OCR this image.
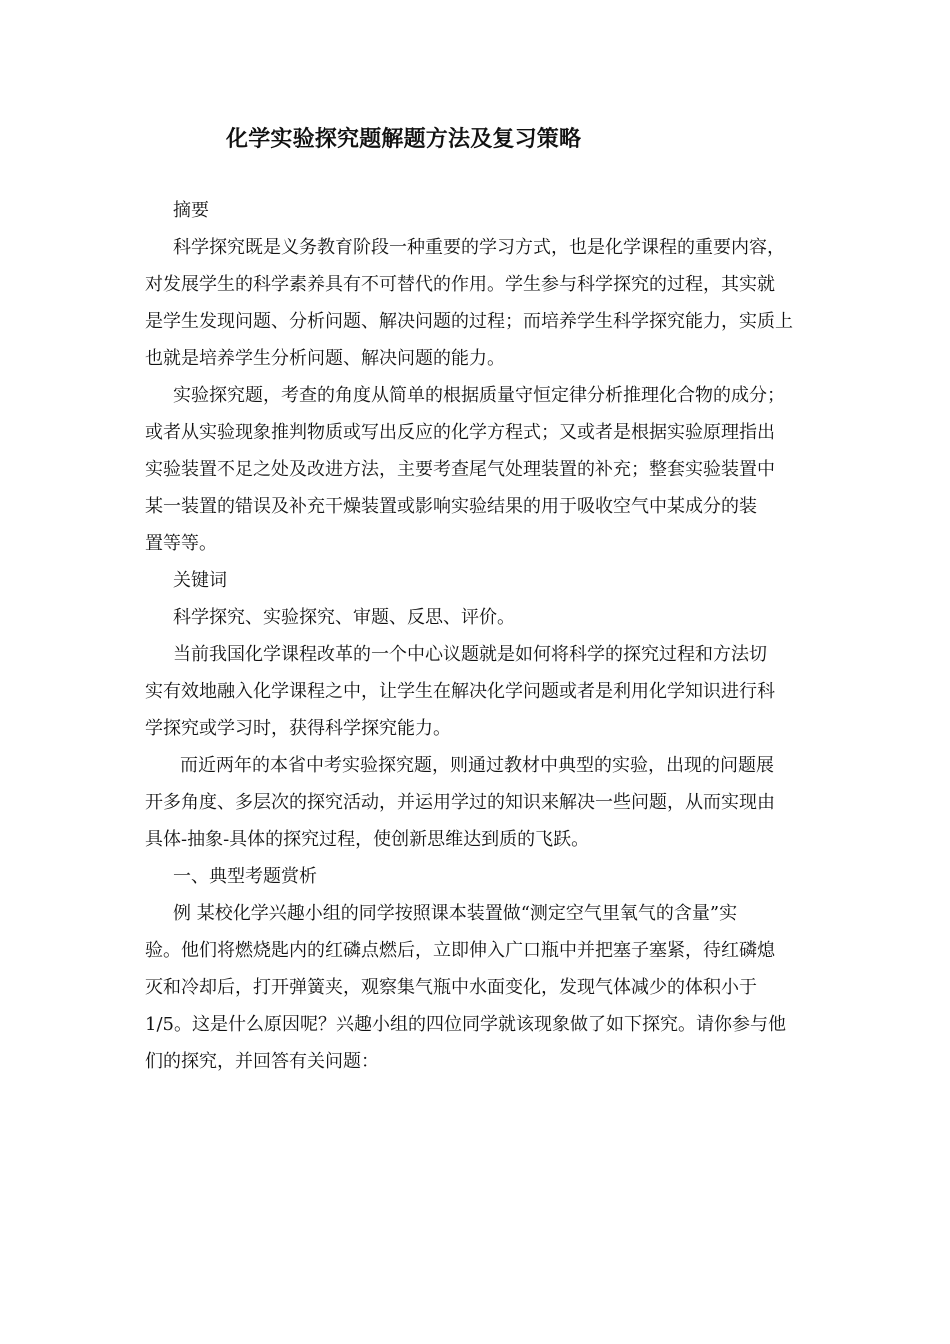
化学实验探究题解题方法及复习策略
摘要
科学探究既是义务教育阶段一种重要的学习方式，也是化学课程的重要内容，
对发展学生的科学素养具有不可替代的作用。学生参与科学探究的过程，其实就
是学生发现问题、分析问题、解决问题的过程；而培养学生科学探究能力，实质上
也就是培养学生分析问题、解决问题的能力。
实验探究题，考查的角度从简单的根据质量守恒定律分析推理化合物的成分；
或者从实验现象推判物质或写出反应的化学方程式；又或者是根据实验原理指出
实验装置不足之处及改进方法，主要考查尾气处理装置的补充；整套实验装置中
某一装置的错误及补充干燥装置或影响实验结果的用于吸收空气中某成分的装
置等等。
关键词
科学探究、实验探究、审题、反思、评价。
当前我国化学课程改革的一个中心议题就是如何将科学的探究过程和方法切
实有效地融入化学课程之中，让学生在解决化学问题或者是利用化学知识进行科
学探究或学习时，获得科学探究能力。
而近两年的本省中考实验探究题，则通过教材中典型的实验，出现的问题展
开多角度、多层次的探究活动，并运用学过的知识来解决一些问题，从而实现由
具体-抽象-具体的探究过程，使创新思维达到质的飞跃。
一、典型考题赏析
例 某校化学兴趣小组的同学按照课本装置做“测定空气里氧气的含量”实
验。他们将燃烧匙内的红磷点燃后，立即伸入广口瓶中并把塞子塞紧，待红磷熄
灭和冷却后，打开弹簧夹，观察集气瓶中水面变化，发现气体减少的体积小于
1/5。这是什么原因呢？兴趣小组的四位同学就该现象做了如下探究。请你参与他
们的探究，并回答有关问题：
